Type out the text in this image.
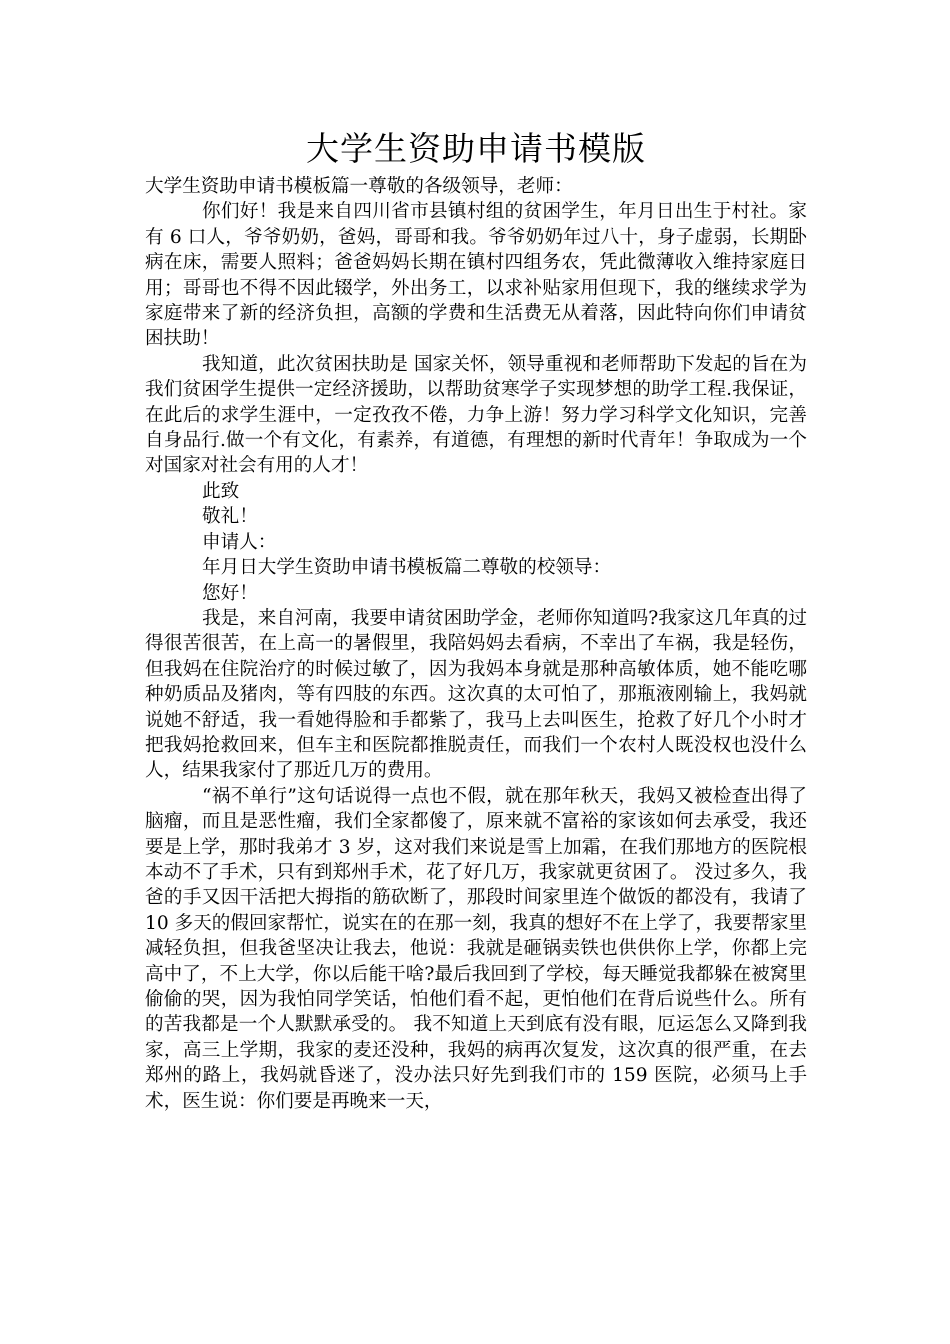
大学生资助申请书模版

大学生资助申请书模板篇一尊敬的各级领导，老师：

你们好！我是来自四川省市县镇村组的贫困学生，年月日出生于村社。家有 6 口人，爷爷奶奶，爸妈，哥哥和我。爷爷奶奶年过八十，身子虚弱，长期卧病在床，需要人照料；爸爸妈妈长期在镇村四组务农，凭此微薄收入维持家庭日用；哥哥也不得不因此辍学，外出务工，以求补贴家用但现下，我的继续求学为 家庭带来了新的经济负担，高额的学费和生活费无从着落，因此特向你们申请贫困扶助！

我知道，此次贫困扶助是 国家关怀，领导重视和老师帮助下发起的旨在为我们贫困学生提供一定经济援助，以帮助贫寒学子实现梦想的助学工程.我保证，在此后的求学生涯中，一定孜孜不倦，力争上游！努力学习科学文化知识，完善自身品行.做一个有文化，有素养，有道德，有理想的新时代青年！争取成为一个对国家对社会有用的人才！

此致

敬礼！

申请人：

年月日大学生资助申请书模板篇二尊敬的校领导：

您好！

我是，来自河南，我要申请贫困助学金，老师你知道吗?我家这几年真的过得很苦很苦，在上高一的暑假里，我陪妈妈去看病，不幸出了车祸，我是轻伤，但我妈在住院治疗的时候过敏了，因为我妈本身就是那种高敏体质，她不能吃哪种奶质品及猪肉，等有四肢的东西。这次真的太可怕了，那瓶液刚输上，我妈就说她不舒适，我一看她得脸和手都紫了，我马上去叫医生，抢救了好几个小时才把我妈抢救回来，但车主和医院都推脱责任，而我们一个农村人既没权也没什么人，结果我家付了那近几万的费用。

“祸不单行”这句话说得一点也不假，就在那年秋天，我妈又被检查出得了脑瘤，而且是恶性瘤，我们全家都傻了，原来就不富裕的家该如何去承受，我还要是上学，那时我弟才 3 岁，这对我们来说是雪上加霜，在我们那地方的医院根本动不了手术，只有到郑州手术，花了好几万，我家就更贫困了。 没过多久，我爸的手又因干活把大拇指的筋砍断了，那段时间家里连个做饭的都没有，我请了 10 多天的假回家帮忙，说实在的在那一刻，我真的想好不在上学了，我要帮家里减轻负担，但我爸坚决让我去，他说：我就是砸锅卖铁也供供你上学，你都上完高中了，不上大学，你以后能干啥?最后我回到了学校，每天睡觉我都躲在被窝里偷偷的哭，因为我怕同学笑话，怕他们看不起，更怕他们在背后说些什么。所有的苦我都是一个人默默承受的。 我不知道上天到底有没有眼，厄运怎么又降到我家，高三上学期，我家的麦还没种，我妈的病再次复发，这次真的很严重，在去郑州的路上，我妈就昏迷了，没办法只好先到我们市的 159 医院，必须马上手术，医生说：你们要是再晚来一天，
